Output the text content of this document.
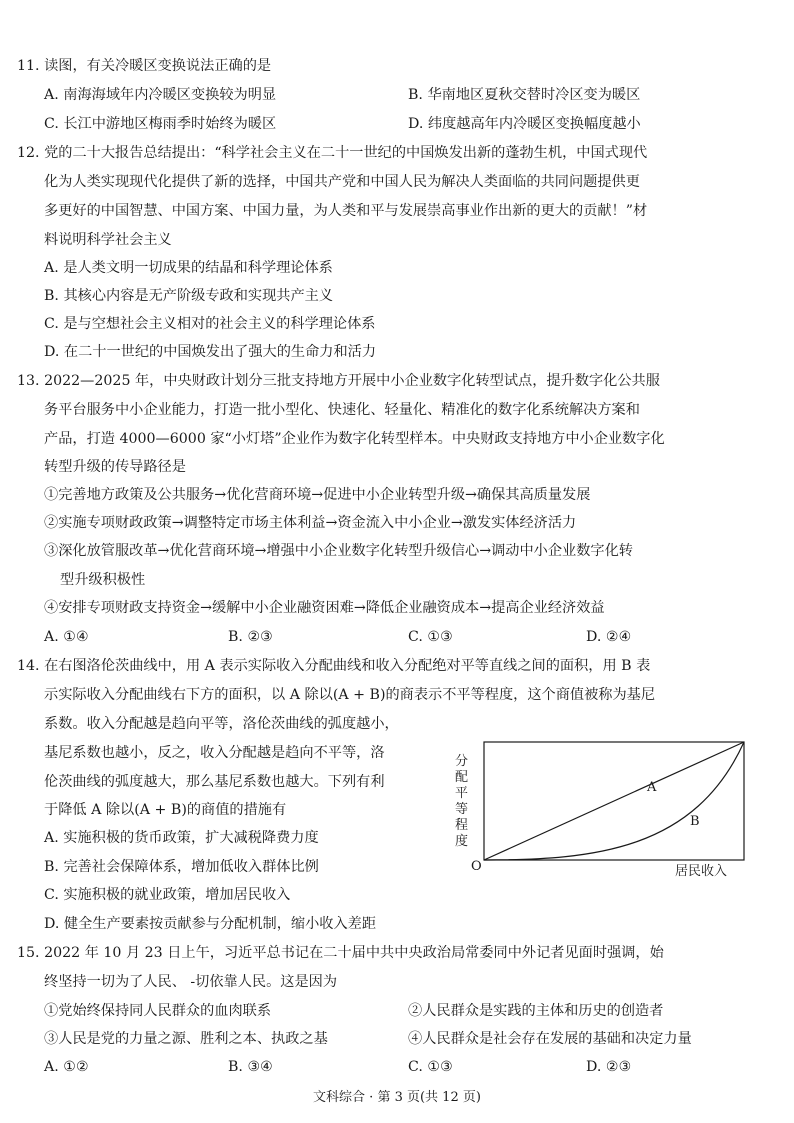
11. 读图，有关冷暖区变换说法正确的是
A. 南海海域年内冷暖区变换较为明显	B. 华南地区夏秋交替时冷区变为暖区
C. 长江中游地区梅雨季时始终为暖区	D. 纬度越高年内冷暖区变换幅度越小
12. 党的二十大报告总结提出：“科学社会主义在二十一世纪的中国焕发出新的蓬勃生机，中国式现代
化为人类实现现代化提供了新的选择，中国共产党和中国人民为解决人类面临的共同问题提供更
多更好的中国智慧、中国方案、中国力量，为人类和平与发展崇高事业作出新的更大的贡献！”材
料说明科学社会主义
A. 是人类文明一切成果的结晶和科学理论体系
B. 其核心内容是无产阶级专政和实现共产主义
C. 是与空想社会主义相对的社会主义的科学理论体系
D. 在二十一世纪的中国焕发出了强大的生命力和活力
13. 2022—2025 年，中央财政计划分三批支持地方开展中小企业数字化转型试点，提升数字化公共服
务平台服务中小企业能力，打造一批小型化、快速化、轻量化、精准化的数字化系统解决方案和
产品，打造 4000—6000 家“小灯塔”企业作为数字化转型样本。中央财政支持地方中小企业数字化
转型升级的传导路径是
①完善地方政策及公共服务→优化营商环境→促进中小企业转型升级→确保其高质量发展
②实施专项财政政策→调整特定市场主体利益→资金流入中小企业→激发实体经济活力
③深化放管服改革→优化营商环境→增强中小企业数字化转型升级信心→调动中小企业数字化转
型升级积极性
④安排专项财政支持资金→缓解中小企业融资困难→降低企业融资成本→提高企业经济效益
A. ①④	B. ②③	C. ①③	D. ②④
14. 在右图洛伦茨曲线中，用 A 表示实际收入分配曲线和收入分配绝对平等直线之间的面积，用 B 表
示实际收入分配曲线右下方的面积，以 A 除以(A + B)的商表示不平等程度，这个商值被称为基尼
系数。收入分配越是趋向平等，洛伦茨曲线的弧度越小，
基尼系数也越小，反之，收入分配越是趋向不平等，洛
伦茨曲线的弧度越大，那么基尼系数也越大。下列有利
于降低 A 除以(A + B)的商值的措施有
A. 实施积极的货币政策，扩大减税降费力度
B. 完善社会保障体系，增加低收入群体比例
C. 实施积极的就业政策，增加居民收入
D. 健全生产要素按贡献参与分配机制，缩小收入差距
分
配
平
等
程
度
O	居民收入
A
B
15. 2022 年 10 月 23 日上午，习近平总书记在二十届中共中央政治局常委同中外记者见面时强调，始
终坚持一切为了人民、 -切依靠人民。这是因为
①党始终保持同人民群众的血肉联系	②人民群众是实践的主体和历史的创造者
③人民是党的力量之源、胜利之本、执政之基	④人民群众是社会存在发展的基础和决定力量
A. ①②	B. ③④	C. ①③	D. ②③
文科综合 · 第 3 页(共 12 页)
